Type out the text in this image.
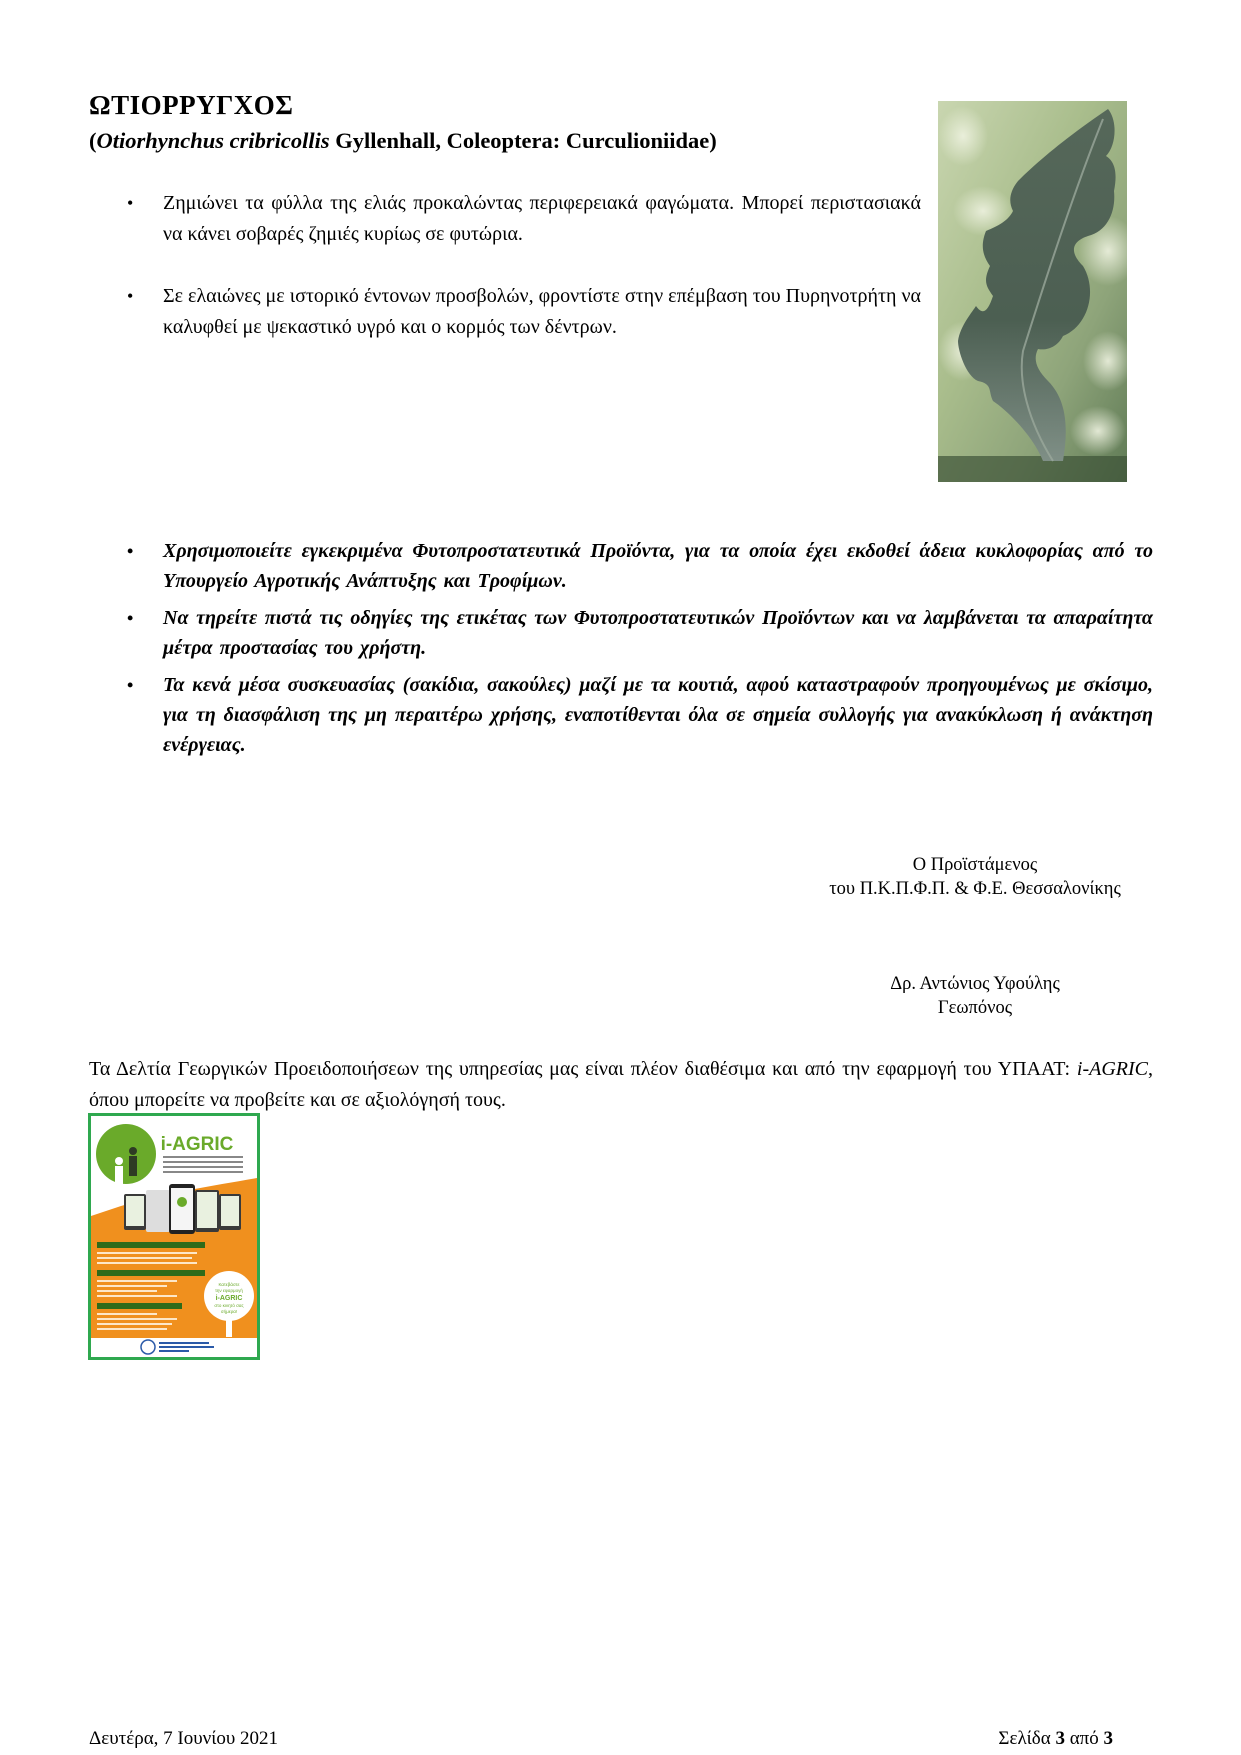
ΩΤΙΟΡΡΥΓΧΟΣ
(Otiorhynchus cribricollis Gyllenhall, Coleoptera: Curculioniidae)
• Ζημιώνει τα φύλλα της ελιάς προκαλώντας περιφερειακά φαγώματα. Μπορεί περιστασιακά να κάνει σοβαρές ζημιές κυρίως σε φυτώρια.
• Σε ελαιώνες με ιστορικό έντονων προσβολών, φροντίστε στην επέμβαση του Πυρηνοτρήτη να καλυφθεί με ψεκαστικό υγρό και ο κορμός των δέντρων.
• Χρησιμοποιείτε εγκεκριμένα Φυτοπροστατευτικά Προϊόντα, για τα οποία έχει εκδοθεί άδεια κυκλοφορίας από το Υπουργείο Αγροτικής Ανάπτυξης και Τροφίμων.
• Να τηρείτε πιστά τις οδηγίες της ετικέτας των Φυτοπροστατευτικών Προϊόντων και να λαμβάνεται τα απαραίτητα μέτρα προστασίας του χρήστη.
• Τα κενά μέσα συσκευασίας (σακίδια, σακούλες) μαζί με τα κουτιά, αφού καταστραφούν προηγουμένως με σκίσιμο, για τη διασφάλιση της μη περαιτέρω χρήσης, εναποτίθενται όλα σε σημεία συλλογής για ανακύκλωση ή ανάκτηση ενέργειας.
Ο Προϊστάμενος
του Π.Κ.Π.Φ.Π. & Φ.Ε. Θεσσαλονίκης
Δρ. Αντώνιος Υφούλης
Γεωπόνος
Τα Δελτία Γεωργικών Προειδοποιήσεων της υπηρεσίας μας είναι πλέον διαθέσιμα και από την εφαρμογή του ΥΠΑΑΤ: i-AGRIC, όπου μπορείτε να προβείτε και σε αξιολόγησή τους.
i-AGRIC
Κατεβάστε
την εφαρμογή
i-AGRIC
στο κινητό σας
σήμερα!
Δευτέρα, 7 Ιουνίου 2021	Σελίδα 3 από 3
